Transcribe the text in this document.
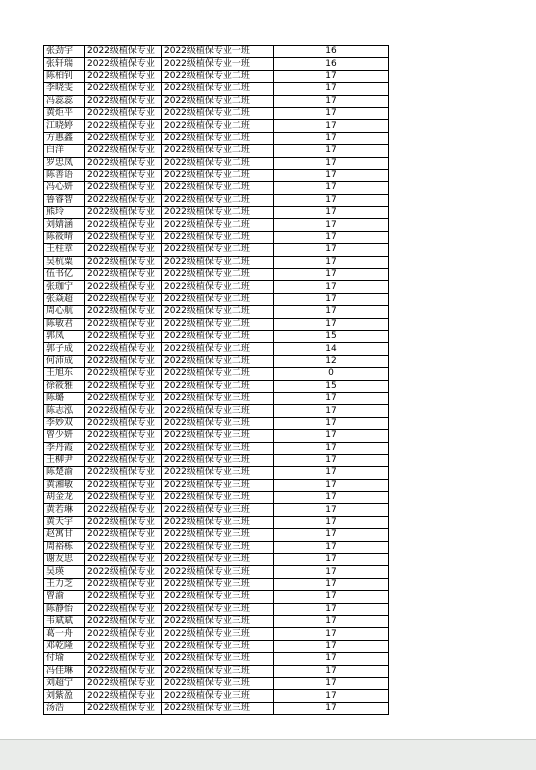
张劲宇	2022级植保专业	2022级植保专业一班	16
张轩瑞	2022级植保专业	2022级植保专业一班	16
陈柏钊	2022级植保专业	2022级植保专业二班	17
李晓雯	2022级植保专业	2022级植保专业二班	17
冯蕊蕊	2022级植保专业	2022级植保专业二班	17
黄炬平	2022级植保专业	2022级植保专业二班	17
江晓婷	2022级植保专业	2022级植保专业二班	17
方惠鑫	2022级植保专业	2022级植保专业二班	17
白洋	2022级植保专业	2022级植保专业二班	17
罗忠凤	2022级植保专业	2022级植保专业二班	17
陈善语	2022级植保专业	2022级植保专业二班	17
冯心妍	2022级植保专业	2022级植保专业二班	17
鲁睿智	2022级植保专业	2022级植保专业二班	17
熊玲	2022级植保专业	2022级植保专业二班	17
刘婧涵	2022级植保专业	2022级植保专业二班	17
陈筱晴	2022级植保专业	2022级植保专业二班	17
王柱章	2022级植保专业	2022级植保专业二班	17
吴杭粟	2022级植保专业	2022级植保专业二班	17
伍书亿	2022级植保专业	2022级植保专业二班	17
张珈宁	2022级植保专业	2022级植保专业二班	17
张焱超	2022级植保专业	2022级植保专业二班	17
周心航	2022级植保专业	2022级植保专业二班	17
陈敏君	2022级植保专业	2022级植保专业二班	17
郭凤	2022级植保专业	2022级植保专业二班	15
郭子成	2022级植保专业	2022级植保专业二班	14
何沛成	2022级植保专业	2022级植保专业二班	12
王旭东	2022级植保专业	2022级植保专业二班	0
徐筱雅	2022级植保专业	2022级植保专业二班	15
陈璐	2022级植保专业	2022级植保专业三班	17
陈志泓	2022级植保专业	2022级植保专业三班	17
李妙双	2022级植保专业	2022级植保专业三班	17
曾少妍	2022级植保专业	2022级植保专业三班	17
李丹霞	2022级植保专业	2022级植保专业三班	17
王柳尹	2022级植保专业	2022级植保专业三班	17
陈楚渝	2022级植保专业	2022级植保专业三班	17
黄湘敏	2022级植保专业	2022级植保专业三班	17
胡金龙	2022级植保专业	2022级植保专业三班	17
黄若琳	2022级植保专业	2022级植保专业三班	17
黄天宇	2022级植保专业	2022级植保专业三班	17
赵寓甘	2022级植保专业	2022级植保专业三班	17
周裕栋	2022级植保专业	2022级植保专业三班	17
谢友思	2022级植保专业	2022级植保专业三班	17
吴瑛	2022级植保专业	2022级植保专业三班	17
王力芝	2022级植保专业	2022级植保专业三班	17
曾渝	2022级植保专业	2022级植保专业三班	17
陈静怡	2022级植保专业	2022级植保专业三班	17
韦斌斌	2022级植保专业	2022级植保专业三班	17
葛一舟	2022级植保专业	2022级植保专业三班	17
邓乾隆	2022级植保专业	2022级植保专业三班	17
付瑜	2022级植保专业	2022级植保专业三班	17
冯佳琳	2022级植保专业	2022级植保专业三班	17
刘超宁	2022级植保专业	2022级植保专业三班	17
刘紫盈	2022级植保专业	2022级植保专业三班	17
汤浩	2022级植保专业	2022级植保专业三班	17
